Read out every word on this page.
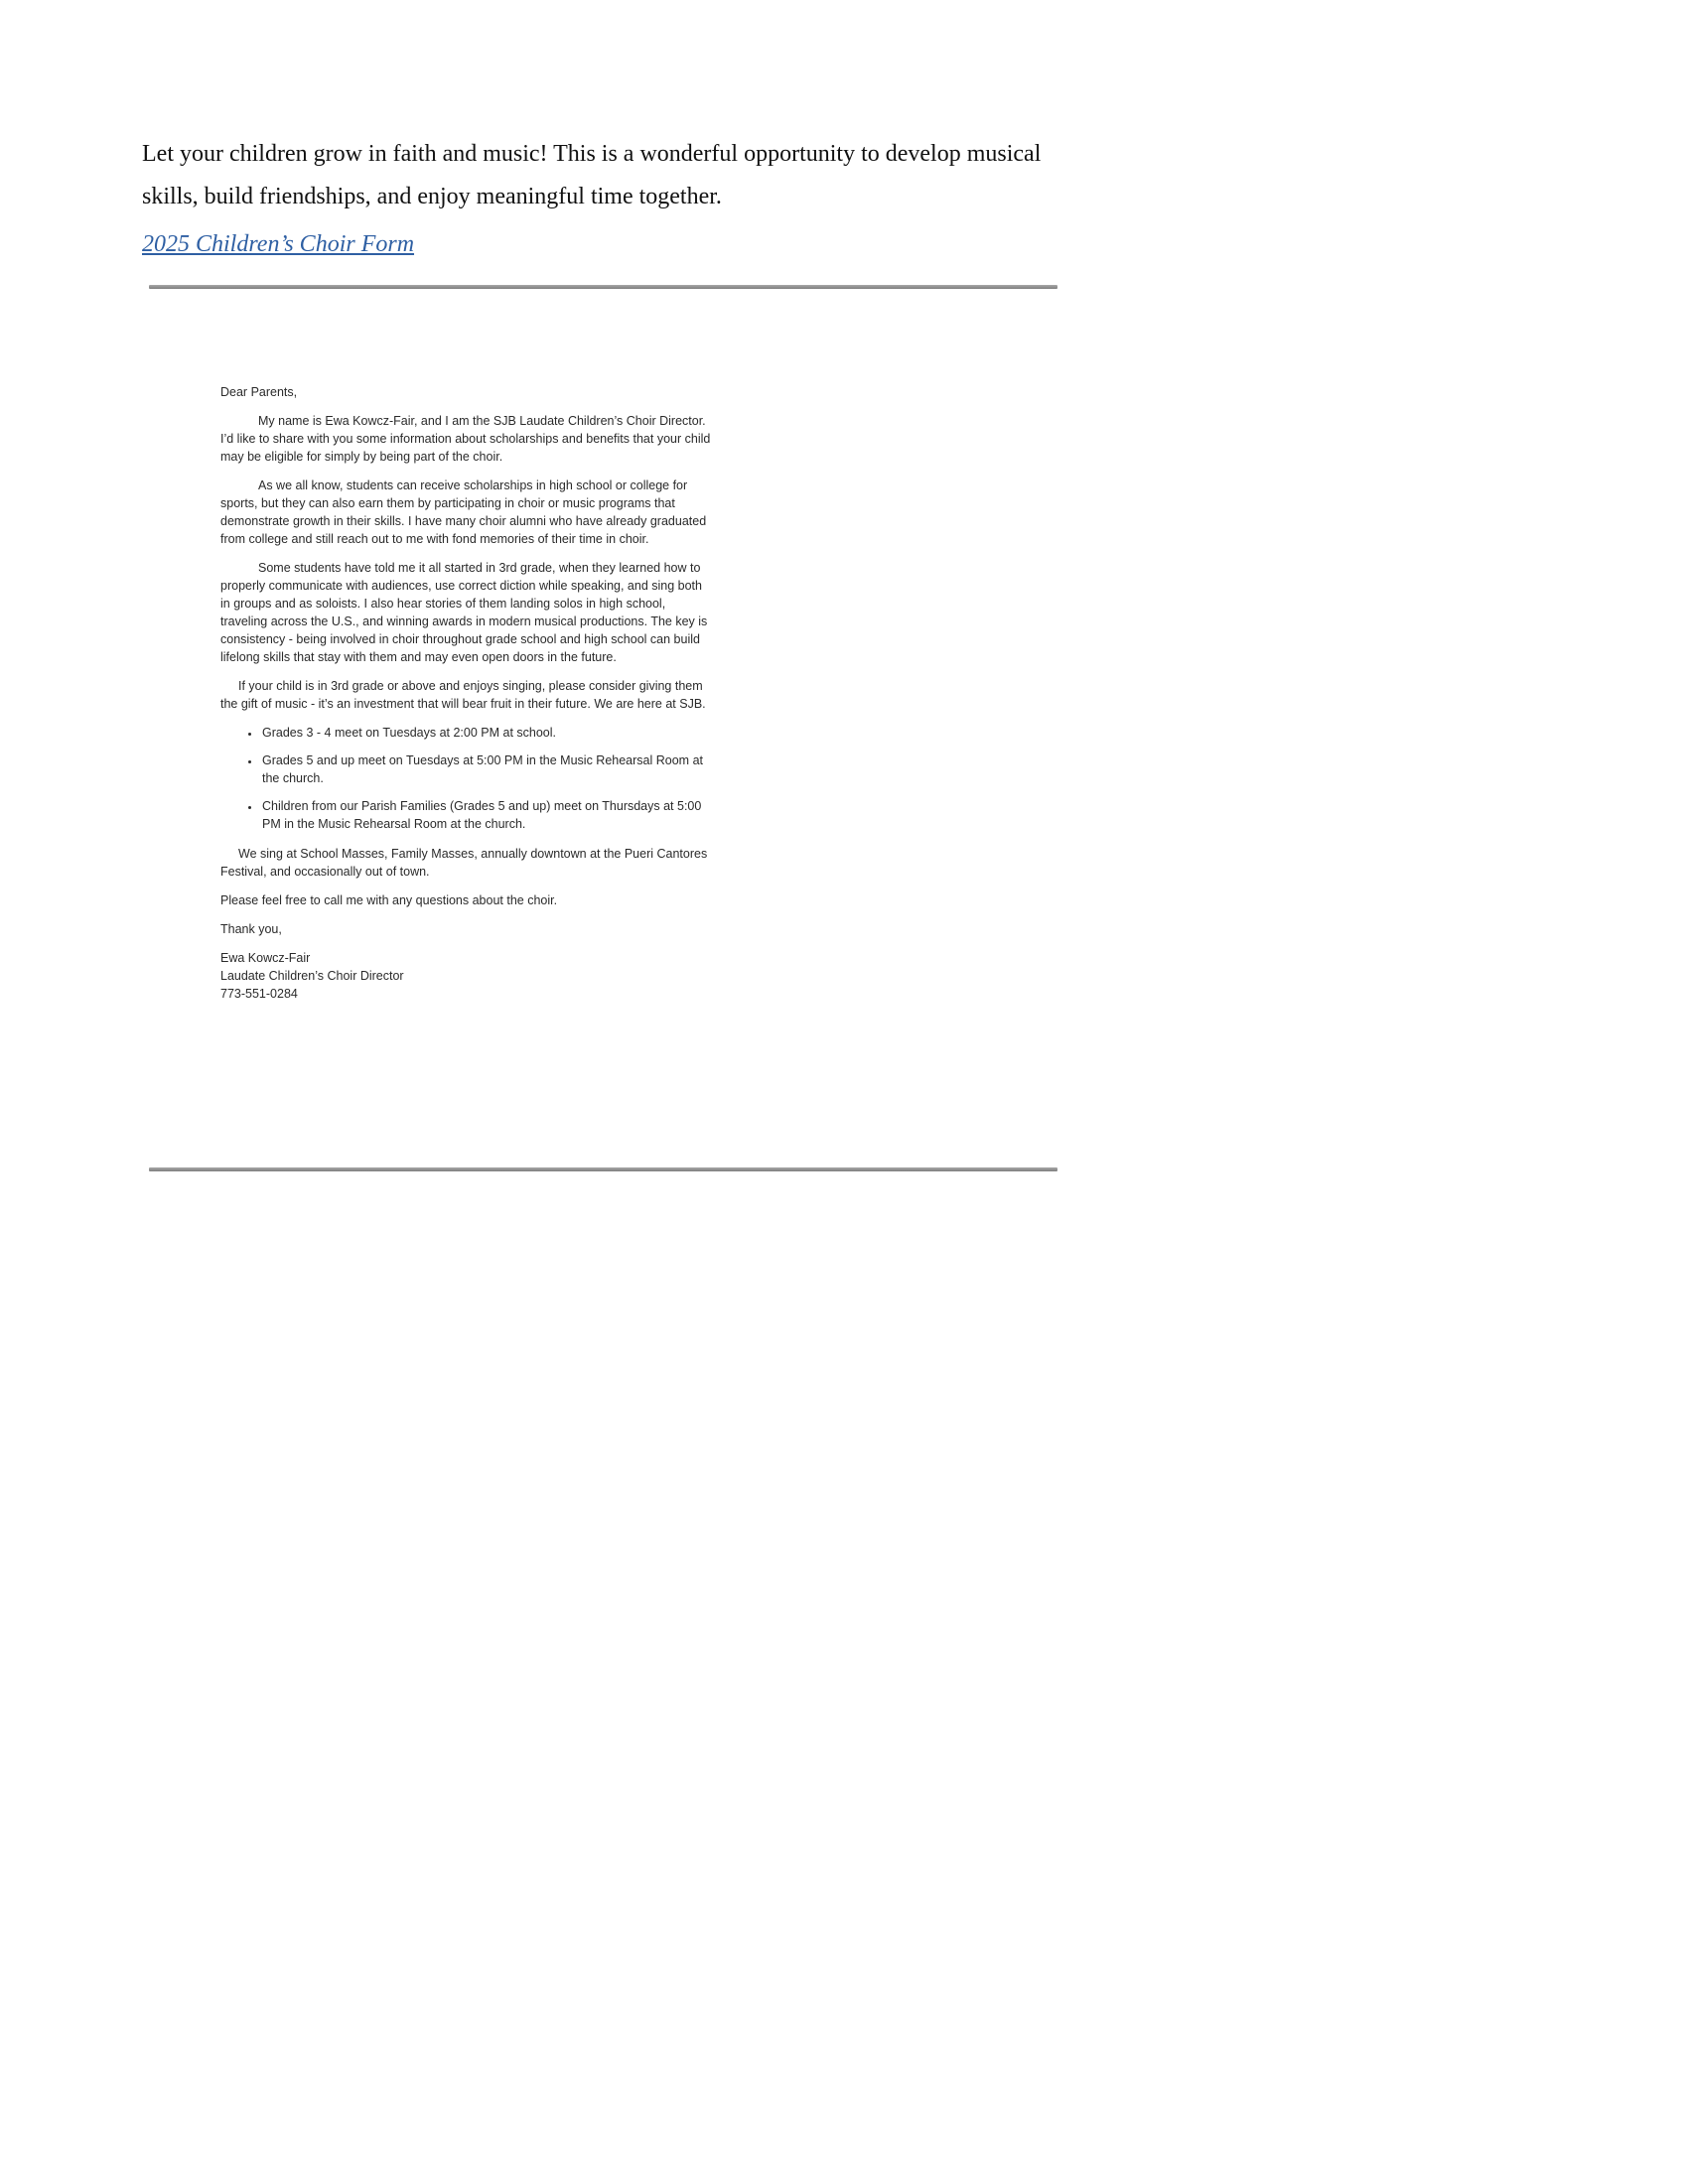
Let your children grow in faith and music! This is a wonderful opportunity to develop musical skills, build friendships, and enjoy meaningful time together.

2025 Children’s Choir Form

Dear Parents,

My name is Ewa Kowcz-Fair, and I am the SJB Laudate Children’s Choir Director. I’d like to share with you some information about scholarships and benefits that your child may be eligible for simply by being part of the choir.

As we all know, students can receive scholarships in high school or college for sports, but they can also earn them by participating in choir or music programs that demonstrate growth in their skills. I have many choir alumni who have already graduated from college and still reach out to me with fond memories of their time in choir.

Some students have told me it all started in 3rd grade, when they learned how to properly communicate with audiences, use correct diction while speaking, and sing both in groups and as soloists. I also hear stories of them landing solos in high school, traveling across the U.S., and winning awards in modern musical productions. The key is consistency - being involved in choir throughout grade school and high school can build lifelong skills that stay with them and may even open doors in the future.

If your child is in 3rd grade or above and enjoys singing, please consider giving them the gift of music - it’s an investment that will bear fruit in their future. We are here at SJB.

• Grades 3 - 4 meet on Tuesdays at 2:00 PM at school.
• Grades 5 and up meet on Tuesdays at 5:00 PM in the Music Rehearsal Room at the church.
• Children from our Parish Families (Grades 5 and up) meet on Thursdays at 5:00 PM in the Music Rehearsal Room at the church.

We sing at School Masses, Family Masses, annually downtown at the Pueri Cantores Festival, and occasionally out of town.

Please feel free to call me with any questions about the choir.

Thank you,

Ewa Kowcz-Fair
Laudate Children’s Choir Director
773-551-0284
